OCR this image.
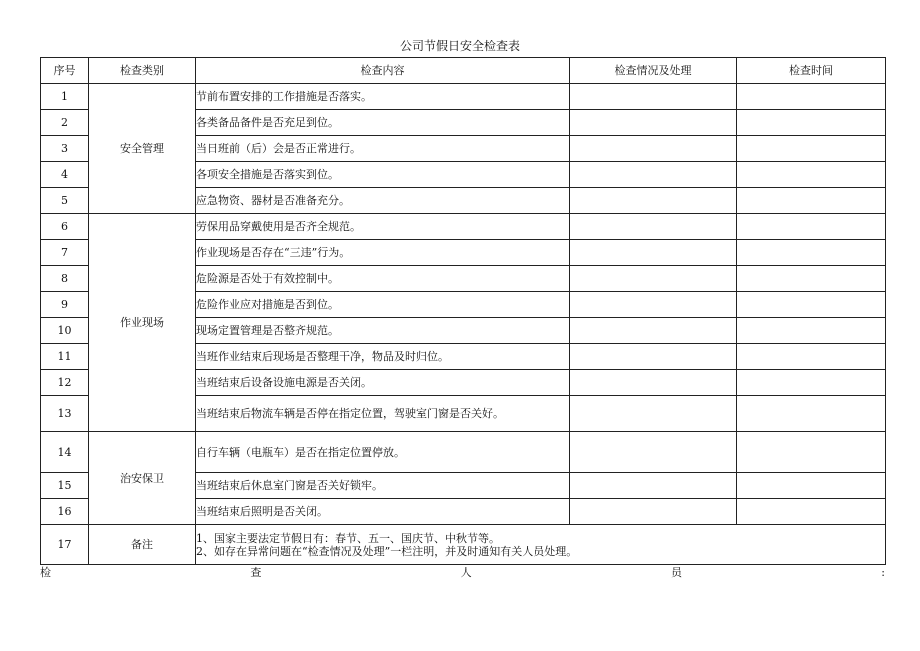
公司节假日安全检查表
序号	检查类别	检查内容	检查情况及处理	检查时间
1	安全管理	节前布置安排的工作措施是否落实。		
2		各类备品备件是否充足到位。		
3		当日班前（后）会是否正常进行。		
4		各项安全措施是否落实到位。		
5		应急物资、器材是否准备充分。		
6	作业现场	劳保用品穿戴使用是否齐全规范。		
7		作业现场是否存在“三违”行为。		
8		危险源是否处于有效控制中。		
9		危险作业应对措施是否到位。		
10		现场定置管理是否整齐规范。		
11		当班作业结束后现场是否整理干净，物品及时归位。		
12		当班结束后设备设施电源是否关闭。		
13		当班结束后物流车辆是否停在指定位置，驾驶室门窗是否关好。		
14	治安保卫	自行车辆（电瓶车）是否在指定位置停放。		
15		当班结束后休息室门窗是否关好锁牢。		
16		当班结束后照明是否关闭。		
17	备注	1、国家主要法定节假日有：春节、五一、国庆节、中秋节等。
2、如存在异常问题在“检查情况及处理”一栏注明，并及时通知有关人员处理。		
检	查	人	员	:
